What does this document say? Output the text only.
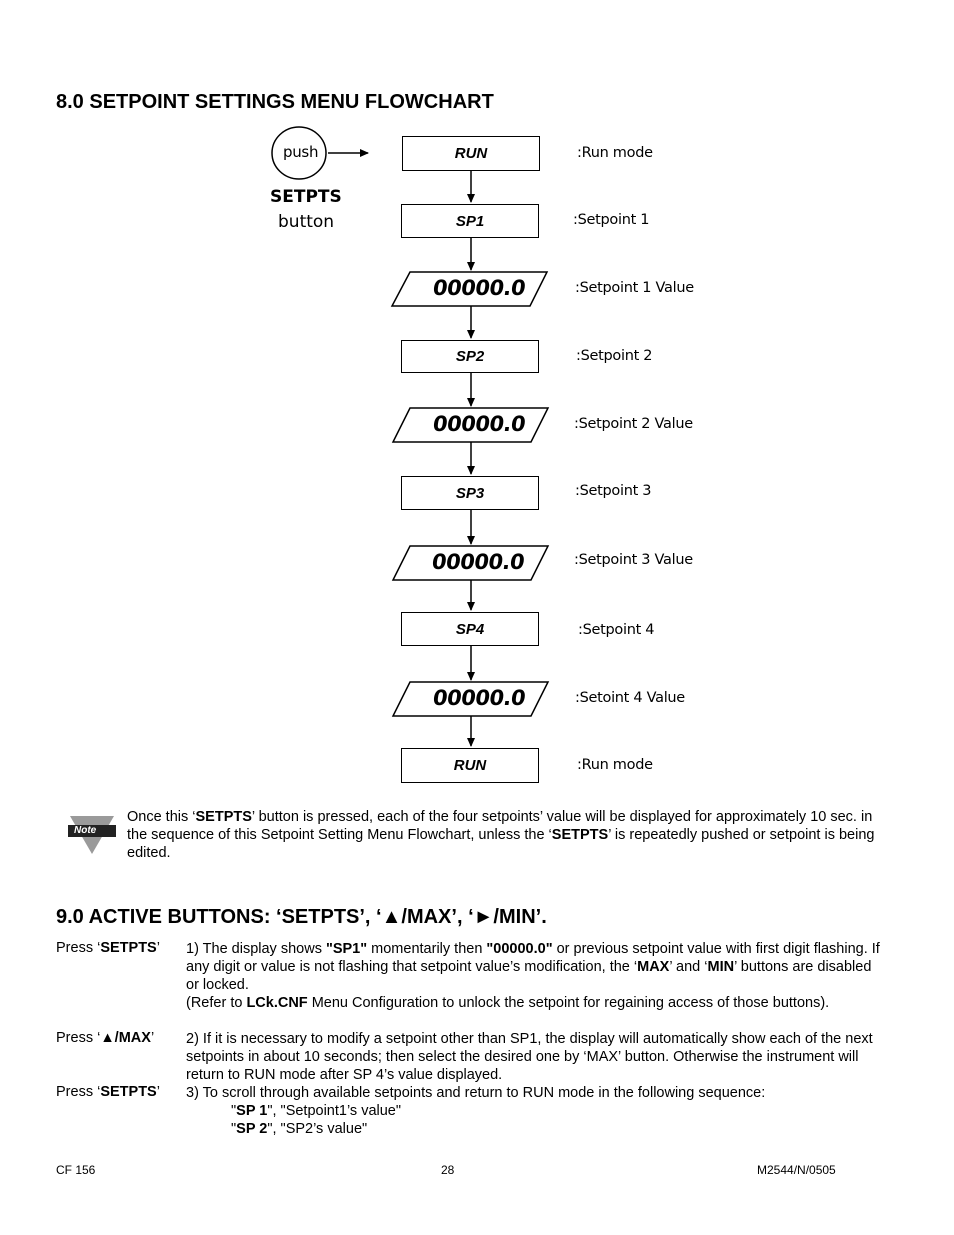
8.0 SETPOINT SETTINGS MENU FLOWCHART
push
SETPTS
button
RUN
SP1
SP2
SP3
SP4
RUN
00000.0
00000.0
00000.0
00000.0
:Run mode
:Setpoint 1
:Setpoint 1 Value
:Setpoint 2
:Setpoint 2 Value
:Setpoint 3
:Setpoint 3 Value
:Setpoint 4
:Setoint 4 Value
:Run mode
Note
Once this ‘SETPTS’ button is pressed, each of the four setpoints’ value will be displayed for approximately 10 sec. in the sequence of this Setpoint Setting Menu Flowchart, unless the ‘SETPTS’ is repeatedly pushed or setpoint is being edited.
9.0 ACTIVE BUTTONS: ‘SETPTS’, ‘▲/MAX’, ‘►/MIN’.
Press ‘SETPTS’	1) The display shows "SP1" momentarily then "00000.0" or previous setpoint value with first digit flashing. If any digit or value is not flashing that setpoint value’s modification, the ‘MAX’ and ‘MIN’ buttons are disabled or locked.
(Refer to LCk.CNF Menu Configuration to unlock the setpoint for regaining access of those buttons).
Press ‘▲/MAX’	2) If it is necessary to modify a setpoint other than SP1, the display will automatically show each of the next setpoints in about 10 seconds; then select the desired one by ‘MAX’ button. Otherwise the instrument will return to RUN mode after SP 4’s value displayed.
Press ‘SETPTS’	3) To scroll through available setpoints and return to RUN mode in the following sequence:
"SP 1", "Setpoint1’s value"
"SP 2", "SP2’s value"
CF 156	28	M2544/N/0505
